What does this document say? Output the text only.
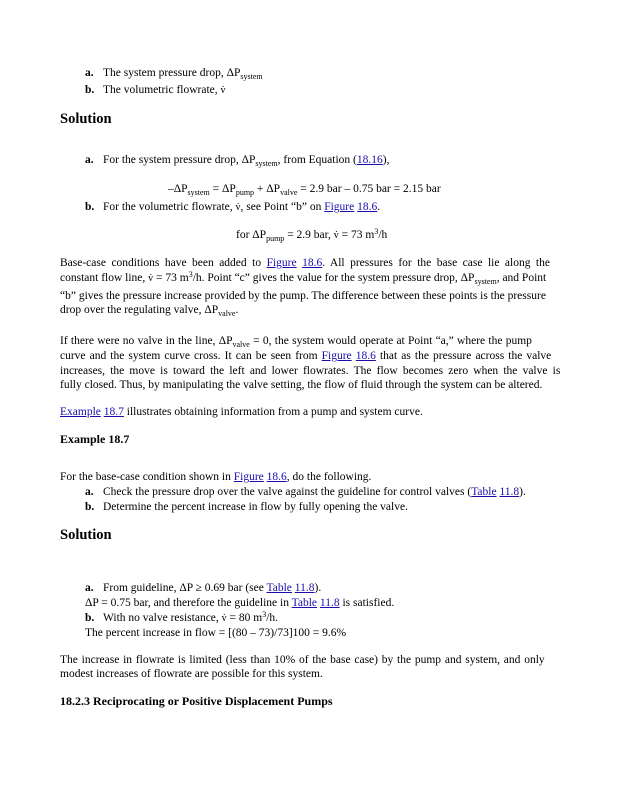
a. The system pressure drop, $\Delta P_{system}$
b. The volumetric flowrate, v̇
Solution
a. For the system pressure drop, $\Delta P_{system}$, from Equation (18.16),
$-\Delta P_{system} = \Delta P_{pump} + \Delta P_{valve} = 2.9$ bar – 0.75 bar = 2.15 bar
b. For the volumetric flowrate, v̇, see Point “b” on Figure 18.6.
for $\Delta P_{pump} = 2.9$ bar, v̇ = 73 $m^3/h$
Base-case conditions have been added to Figure 18.6. All pressures for the base case lie along the
constant flow line, v̇ = 73 $m^3/h$. Point “c” gives the value for the system pressure drop, $\Delta P_{system}$, and Point
“b” gives the pressure increase provided by the pump. The difference between these points is the pressure
drop over the regulating valve, $\Delta P_{valve}$.
If there were no valve in the line, $\Delta P_{valve} = 0$, the system would operate at Point “a,” where the pump
curve and the system curve cross. It can be seen from Figure 18.6 that as the pressure across the valve
increases, the move is toward the left and lower flowrates. The flow becomes zero when the valve is
fully closed. Thus, by manipulating the valve setting, the flow of fluid through the system can be altered.
Example 18.7 illustrates obtaining information from a pump and system curve.
Example 18.7
For the base-case condition shown in Figure 18.6, do the following.
a. Check the pressure drop over the valve against the guideline for control valves (Table 11.8).
b. Determine the percent increase in flow by fully opening the valve.
Solution
a. From guideline, ΔP ≥ 0.69 bar (see Table 11.8).
ΔP = 0.75 bar, and therefore the guideline in Table 11.8 is satisfied.
b. With no valve resistance, v̇ = 80 $m^3/h$.
The percent increase in flow = [(80 – 73)/73]100 = 9.6%
The increase in flowrate is limited (less than 10% of the base case) by the pump and system, and only
modest increases of flowrate are possible for this system.
18.2.3 Reciprocating or Positive Displacement Pumps
